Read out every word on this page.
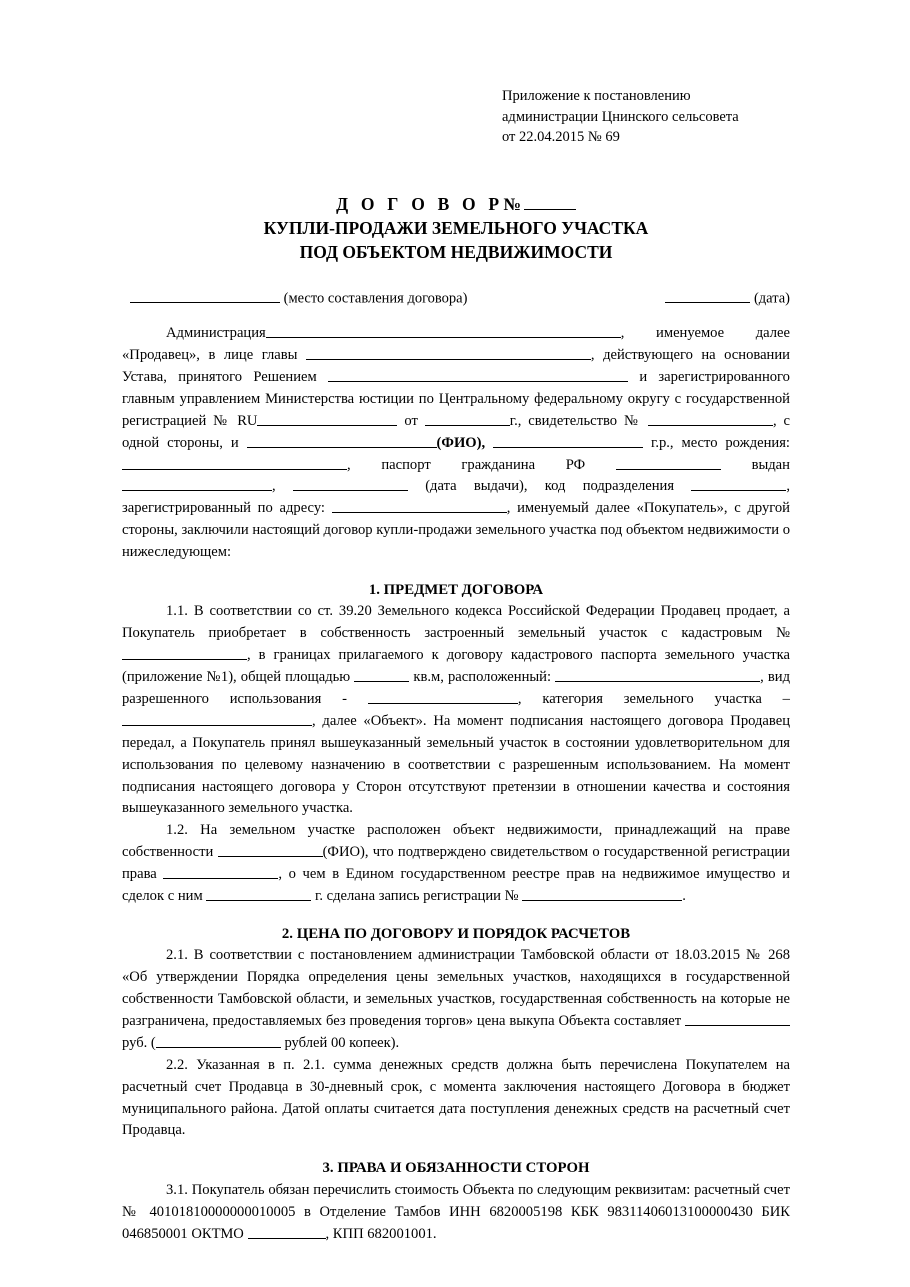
Приложение к постановлению
администрации Цнинского сельсовета
от 22.04.2015 № 69
Д О Г О В О Р№
КУПЛИ-ПРОДАЖИ ЗЕМЕЛЬНОГО УЧАСТКА
ПОД ОБЪЕКТОМ НЕДВИЖИМОСТИ
(место составления договора)	(дата)

Администрация	, именуемое далее «Продавец», в лице главы	, действующего на основании Устава, принятого Решением	и зарегистрированного главным управлением Министерства юстиции по Центральному федеральному округу с государственной регистрацией № RU	от	г., свидетельство №	, с одной стороны, и	(ФИО),	г.р., место рождения: , паспорт гражданина РФ	выдан ,	(дата выдачи), код подразделения	, зарегистрированный по адресу:	, именуемый далее «Покупатель», с другой стороны, заключили настоящий договор купли-продажи земельного участка под объектом недвижимости о нижеследующем:

1. ПРЕДМЕТ ДОГОВОРА

1.1. В соответствии со ст. 39.20 Земельного кодекса Российской Федерации Продавец продает, а Покупатель приобретает в собственность застроенный земельный участок с кадастровым № , в границах прилагаемого к договору кадастрового паспорта земельного участка (приложение №1), общей площадью	кв.м, расположенный:	, вид разрешенного использования -	, категория земельного участка – , далее «Объект». На момент подписания настоящего договора Продавец передал, а Покупатель принял вышеуказанный земельный участок в состоянии удовлетворительном для использования по целевому назначению в соответствии с разрешенным использованием. На момент подписания настоящего договора у Сторон отсутствуют претензии в отношении качества и состояния вышеуказанного земельного участка.

1.2. На земельном участке расположен объект недвижимости, принадлежащий на праве собственности	(ФИО), что подтверждено свидетельством о государственной регистрации права	, о чем в Едином государственном реестре прав на недвижимое имущество и сделок с ним	г. сделана запись регистрации №	.

2. ЦЕНА ПО ДОГОВОРУ И ПОРЯДОК РАСЧЕТОВ

2.1. В соответствии с постановлением администрации Тамбовской области от 18.03.2015 № 268 «Об утверждении Порядка определения цены земельных участков, находящихся в государственной собственности Тамбовской области, и земельных участков, государственная собственность на которые не разграничена, предоставляемых без проведения торгов» цена выкупа Объекта составляет  руб. (	рублей 00 копеек).

2.2. Указанная в п. 2.1. сумма денежных средств должна быть перечислена Покупателем на расчетный счет Продавца в 30-дневный срок, с момента заключения настоящего Договора в бюджет муниципального района. Датой оплаты считается дата поступления денежных средств на расчетный счет Продавца.

3. ПРАВА И ОБЯЗАННОСТИ СТОРОН

3.1. Покупатель обязан перечислить стоимость Объекта по следующим реквизитам: расчетный счет № 40101810000000010005 в Отделение Тамбов ИНН 6820005198 КБК 98311406013100000430 БИК 046850001 ОКТМО	, КПП 682001001.
